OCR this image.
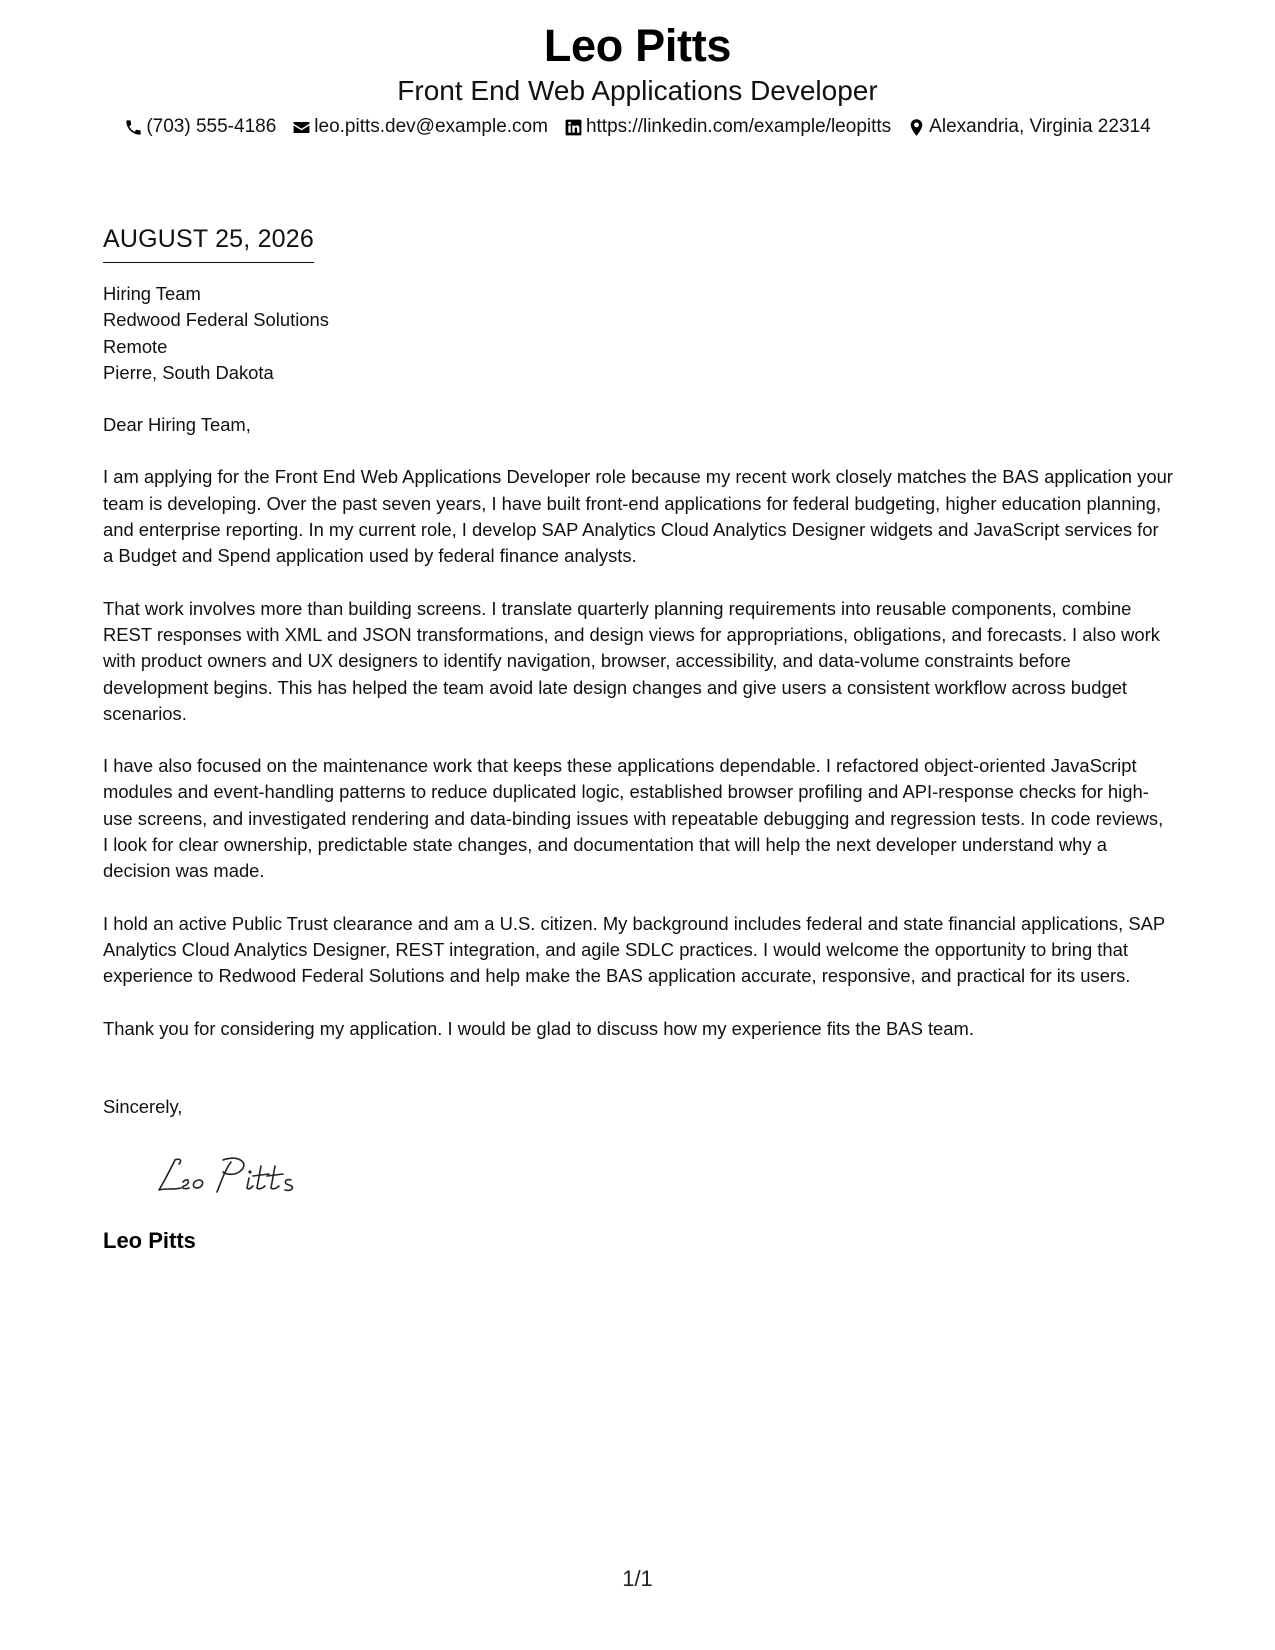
Leo Pitts
Front End Web Applications Developer
(703) 555-4186 leo.pitts.dev@example.com https://linkedin.com/example/leopitts Alexandria, Virginia 22314
AUGUST 25, 2026
Hiring Team
Redwood Federal Solutions
Remote
Pierre, South Dakota
Dear Hiring Team,

I am applying for the Front End Web Applications Developer role because my recent work closely matches the BAS application your team is developing. Over the past seven years, I have built front-end applications for federal budgeting, higher education planning, and enterprise reporting. In my current role, I develop SAP Analytics Cloud Analytics Designer widgets and JavaScript services for a Budget and Spend application used by federal finance analysts.

That work involves more than building screens. I translate quarterly planning requirements into reusable components, combine REST responses with XML and JSON transformations, and design views for appropriations, obligations, and forecasts. I also work with product owners and UX designers to identify navigation, browser, accessibility, and data-volume constraints before development begins. This has helped the team avoid late design changes and give users a consistent workflow across budget scenarios.

I have also focused on the maintenance work that keeps these applications dependable. I refactored object-oriented JavaScript modules and event-handling patterns to reduce duplicated logic, established browser profiling and API-response checks for high-use screens, and investigated rendering and data-binding issues with repeatable debugging and regression tests. In code reviews, I look for clear ownership, predictable state changes, and documentation that will help the next developer understand why a decision was made.

I hold an active Public Trust clearance and am a U.S. citizen. My background includes federal and state financial applications, SAP Analytics Cloud Analytics Designer, REST integration, and agile SDLC practices. I would welcome the opportunity to bring that experience to Redwood Federal Solutions and help make the BAS application accurate, responsive, and practical for its users.

Thank you for considering my application. I would be glad to discuss how my experience fits the BAS team.

Sincerely,
Leo Pitts
1/1
